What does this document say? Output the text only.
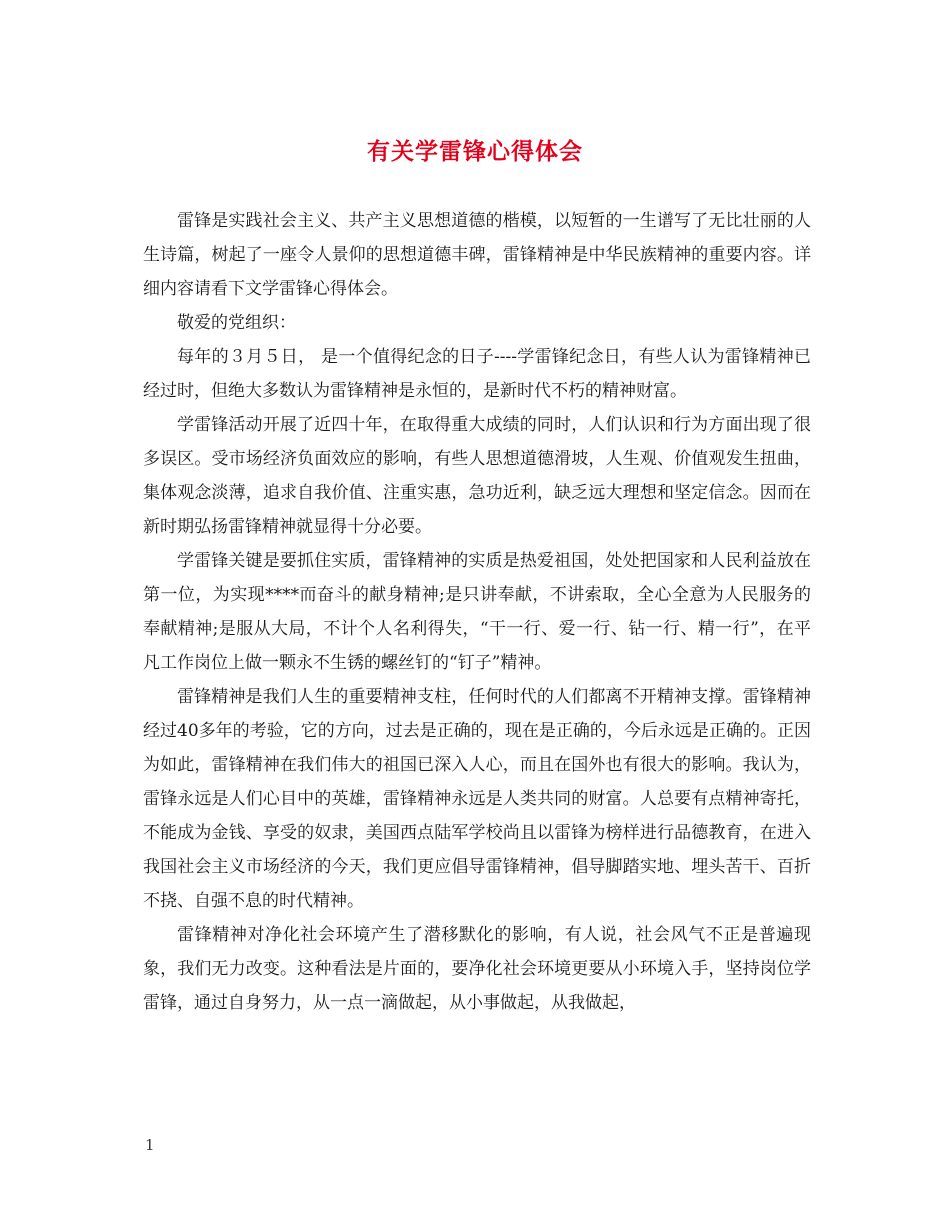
有关学雷锋心得体会

雷锋是实践社会主义、共产主义思想道德的楷模，以短暂的一生谱写了无比壮丽的人生诗篇，树起了一座令人景仰的思想道德丰碑，雷锋精神是中华民族精神的重要内容。详细内容请看下文学雷锋心得体会。

敬爱的党组织：

每年的３月５日， 是一个值得纪念的日子----学雷锋纪念日，有些人认为雷锋精神已经过时，但绝大多数认为雷锋精神是永恒的，是新时代不朽的精神财富。

学雷锋活动开展了近四十年，在取得重大成绩的同时，人们认识和行为方面出现了很多误区。受市场经济负面效应的影响，有些人思想道德滑坡，人生观、价值观发生扭曲，集体观念淡薄，追求自我价值、注重实惠，急功近利，缺乏远大理想和坚定信念。因而在新时期弘扬雷锋精神就显得十分必要。

学雷锋关键是要抓住实质，雷锋精神的实质是热爱祖国，处处把国家和人民利益放在第一位，为实现****而奋斗的献身精神;是只讲奉献，不讲索取，全心全意为人民服务的奉献精神;是服从大局，不计个人名利得失，“干一行、爱一行、钻一行、精一行”，在平凡工作岗位上做一颗永不生锈的螺丝钉的“钉子”精神。

雷锋精神是我们人生的重要精神支柱，任何时代的人们都离不开精神支撑。雷锋精神经过40多年的考验，它的方向，过去是正确的，现在是正确的，今后永远是正确的。正因为如此，雷锋精神在我们伟大的祖国已深入人心，而且在国外也有很大的影响。我认为，雷锋永远是人们心目中的英雄，雷锋精神永远是人类共同的财富。人总要有点精神寄托，不能成为金钱、享受的奴隶，美国西点陆军学校尚且以雷锋为榜样进行品德教育，在进入我国社会主义市场经济的今天，我们更应倡导雷锋精神，倡导脚踏实地、埋头苦干、百折不挠、自强不息的时代精神。

雷锋精神对净化社会环境产生了潜移默化的影响，有人说，社会风气不正是普遍现 象，我们无力改变。这种看法是片面的，要净化社会环境更要从小环境入手，坚持岗位学雷锋，通过自身努力，从一点一滴做起，从小事做起，从我做起，

1
